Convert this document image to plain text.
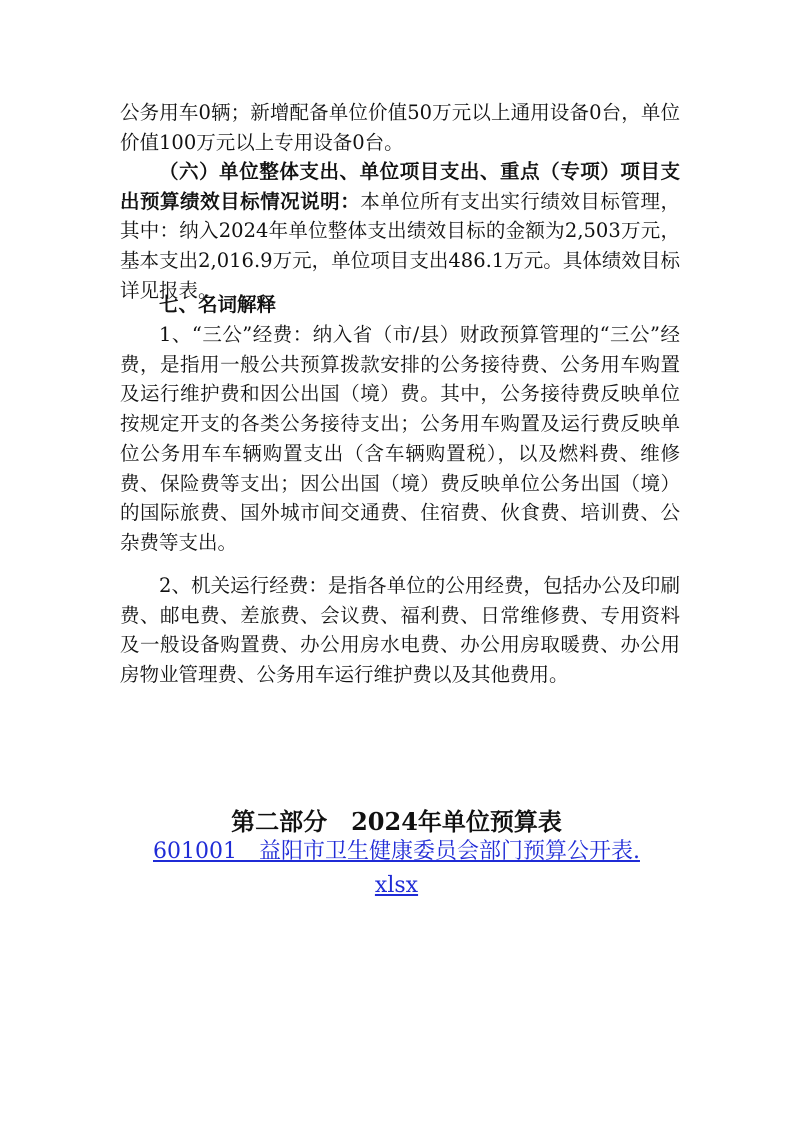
公务用车0辆；新增配备单位价值50万元以上通用设备0台，单位价值100万元以上专用设备0台。

（六）单位整体支出、单位项目支出、重点（专项）项目支出预算绩效目标情况说明：本单位所有支出实行绩效目标管理，其中：纳入2024年单位整体支出绩效目标的金额为2,503万元，基本支出2,016.9万元，单位项目支出486.1万元。具体绩效目标详见报表。

七、名词解释

1、“三公”经费：纳入省（市/县）财政预算管理的“三公”经费，是指用一般公共预算拨款安排的公务接待费、公务用车购置及运行维护费和因公出国（境）费。其中，公务接待费反映单位按规定开支的各类公务接待支出；公务用车购置及运行费反映单位公务用车车辆购置支出（含车辆购置税），以及燃料费、维修费、保险费等支出；因公出国（境）费反映单位公务出国（境）的国际旅费、国外城市间交通费、住宿费、伙食费、培训费、公杂费等支出。

2、机关运行经费：是指各单位的公用经费，包括办公及印刷费、邮电费、差旅费、会议费、福利费、日常维修费、专用资料及一般设备购置费、办公用房水电费、办公用房取暖费、办公用房物业管理费、公务用车运行维护费以及其他费用。

第二部分　2024年单位预算表

601001　益阳市卫生健康委员会部门预算公开表.xlsx
